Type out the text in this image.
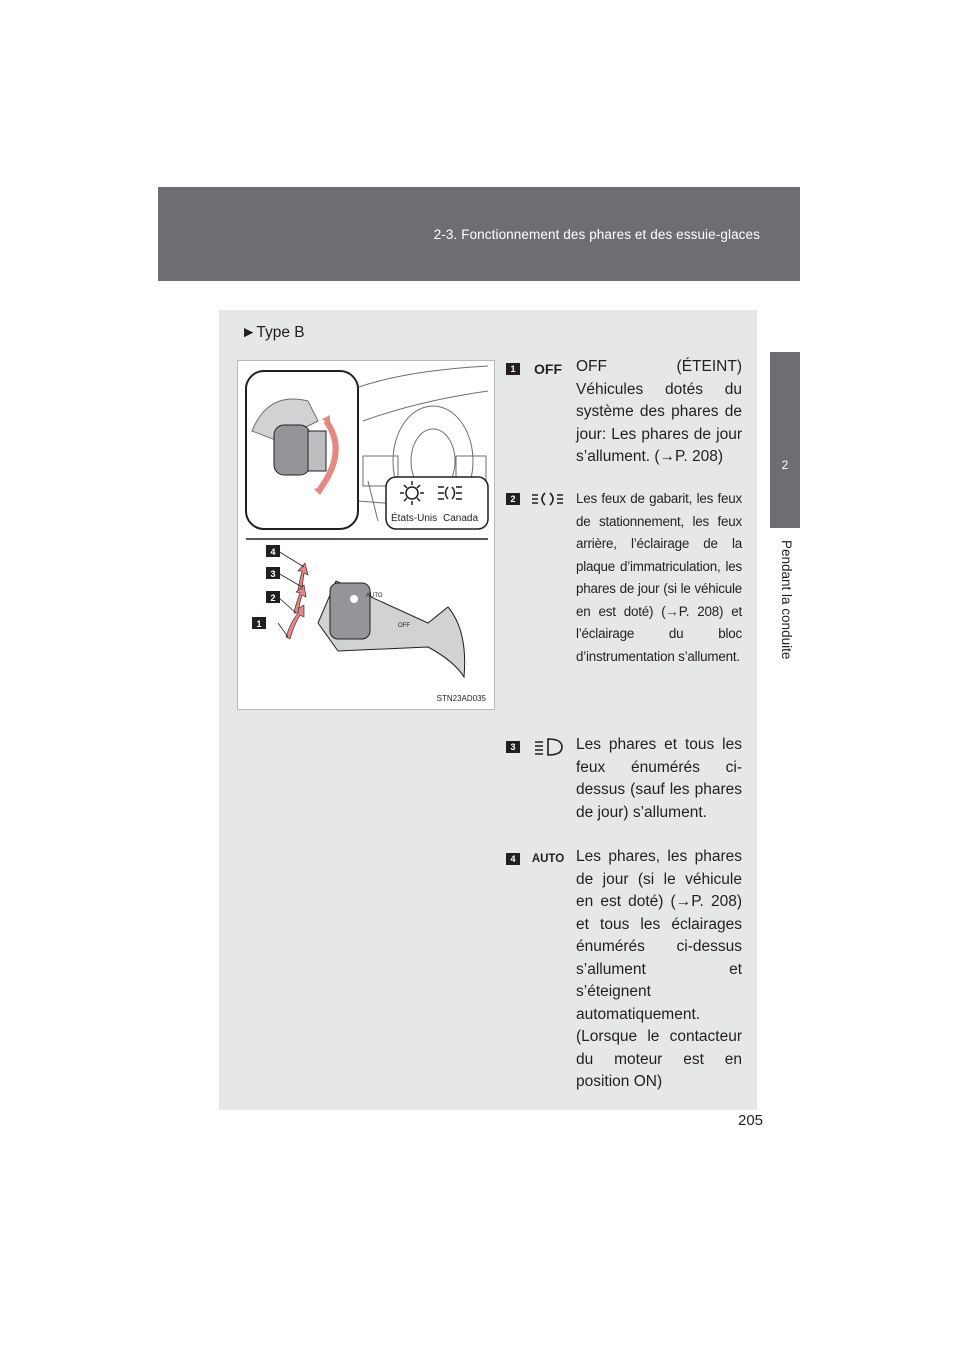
2-3. Fonctionnement des phares et des essuie-glaces
2
Pendant la conduite
►Type B
États-Unis Canada
AUTO
OFF
4
3
2
1
STN23AD035
1	OFF OFF (ÉTEINT) Véhicules dotés du système des phares de jour: Les phares de jour s’allument. (→P. 208)
2	Les feux de gabarit, les feux de stationnement, les feux arrière, l’éclairage de la plaque d’immatriculation, les phares de jour (si le véhicule en est doté) (→P. 208) et l’éclairage du bloc d’instrumentation s’allument.
3	Les phares et tous les feux énumérés ci-dessus (sauf les phares de jour) s’allument.
4	AUTO Les phares, les phares de jour (si le véhicule en est doté) (→P. 208) et tous les éclairages énumérés ci-dessus s’allument et s’éteignent automatiquement. (Lorsque le contacteur du moteur est en position ON)
205
